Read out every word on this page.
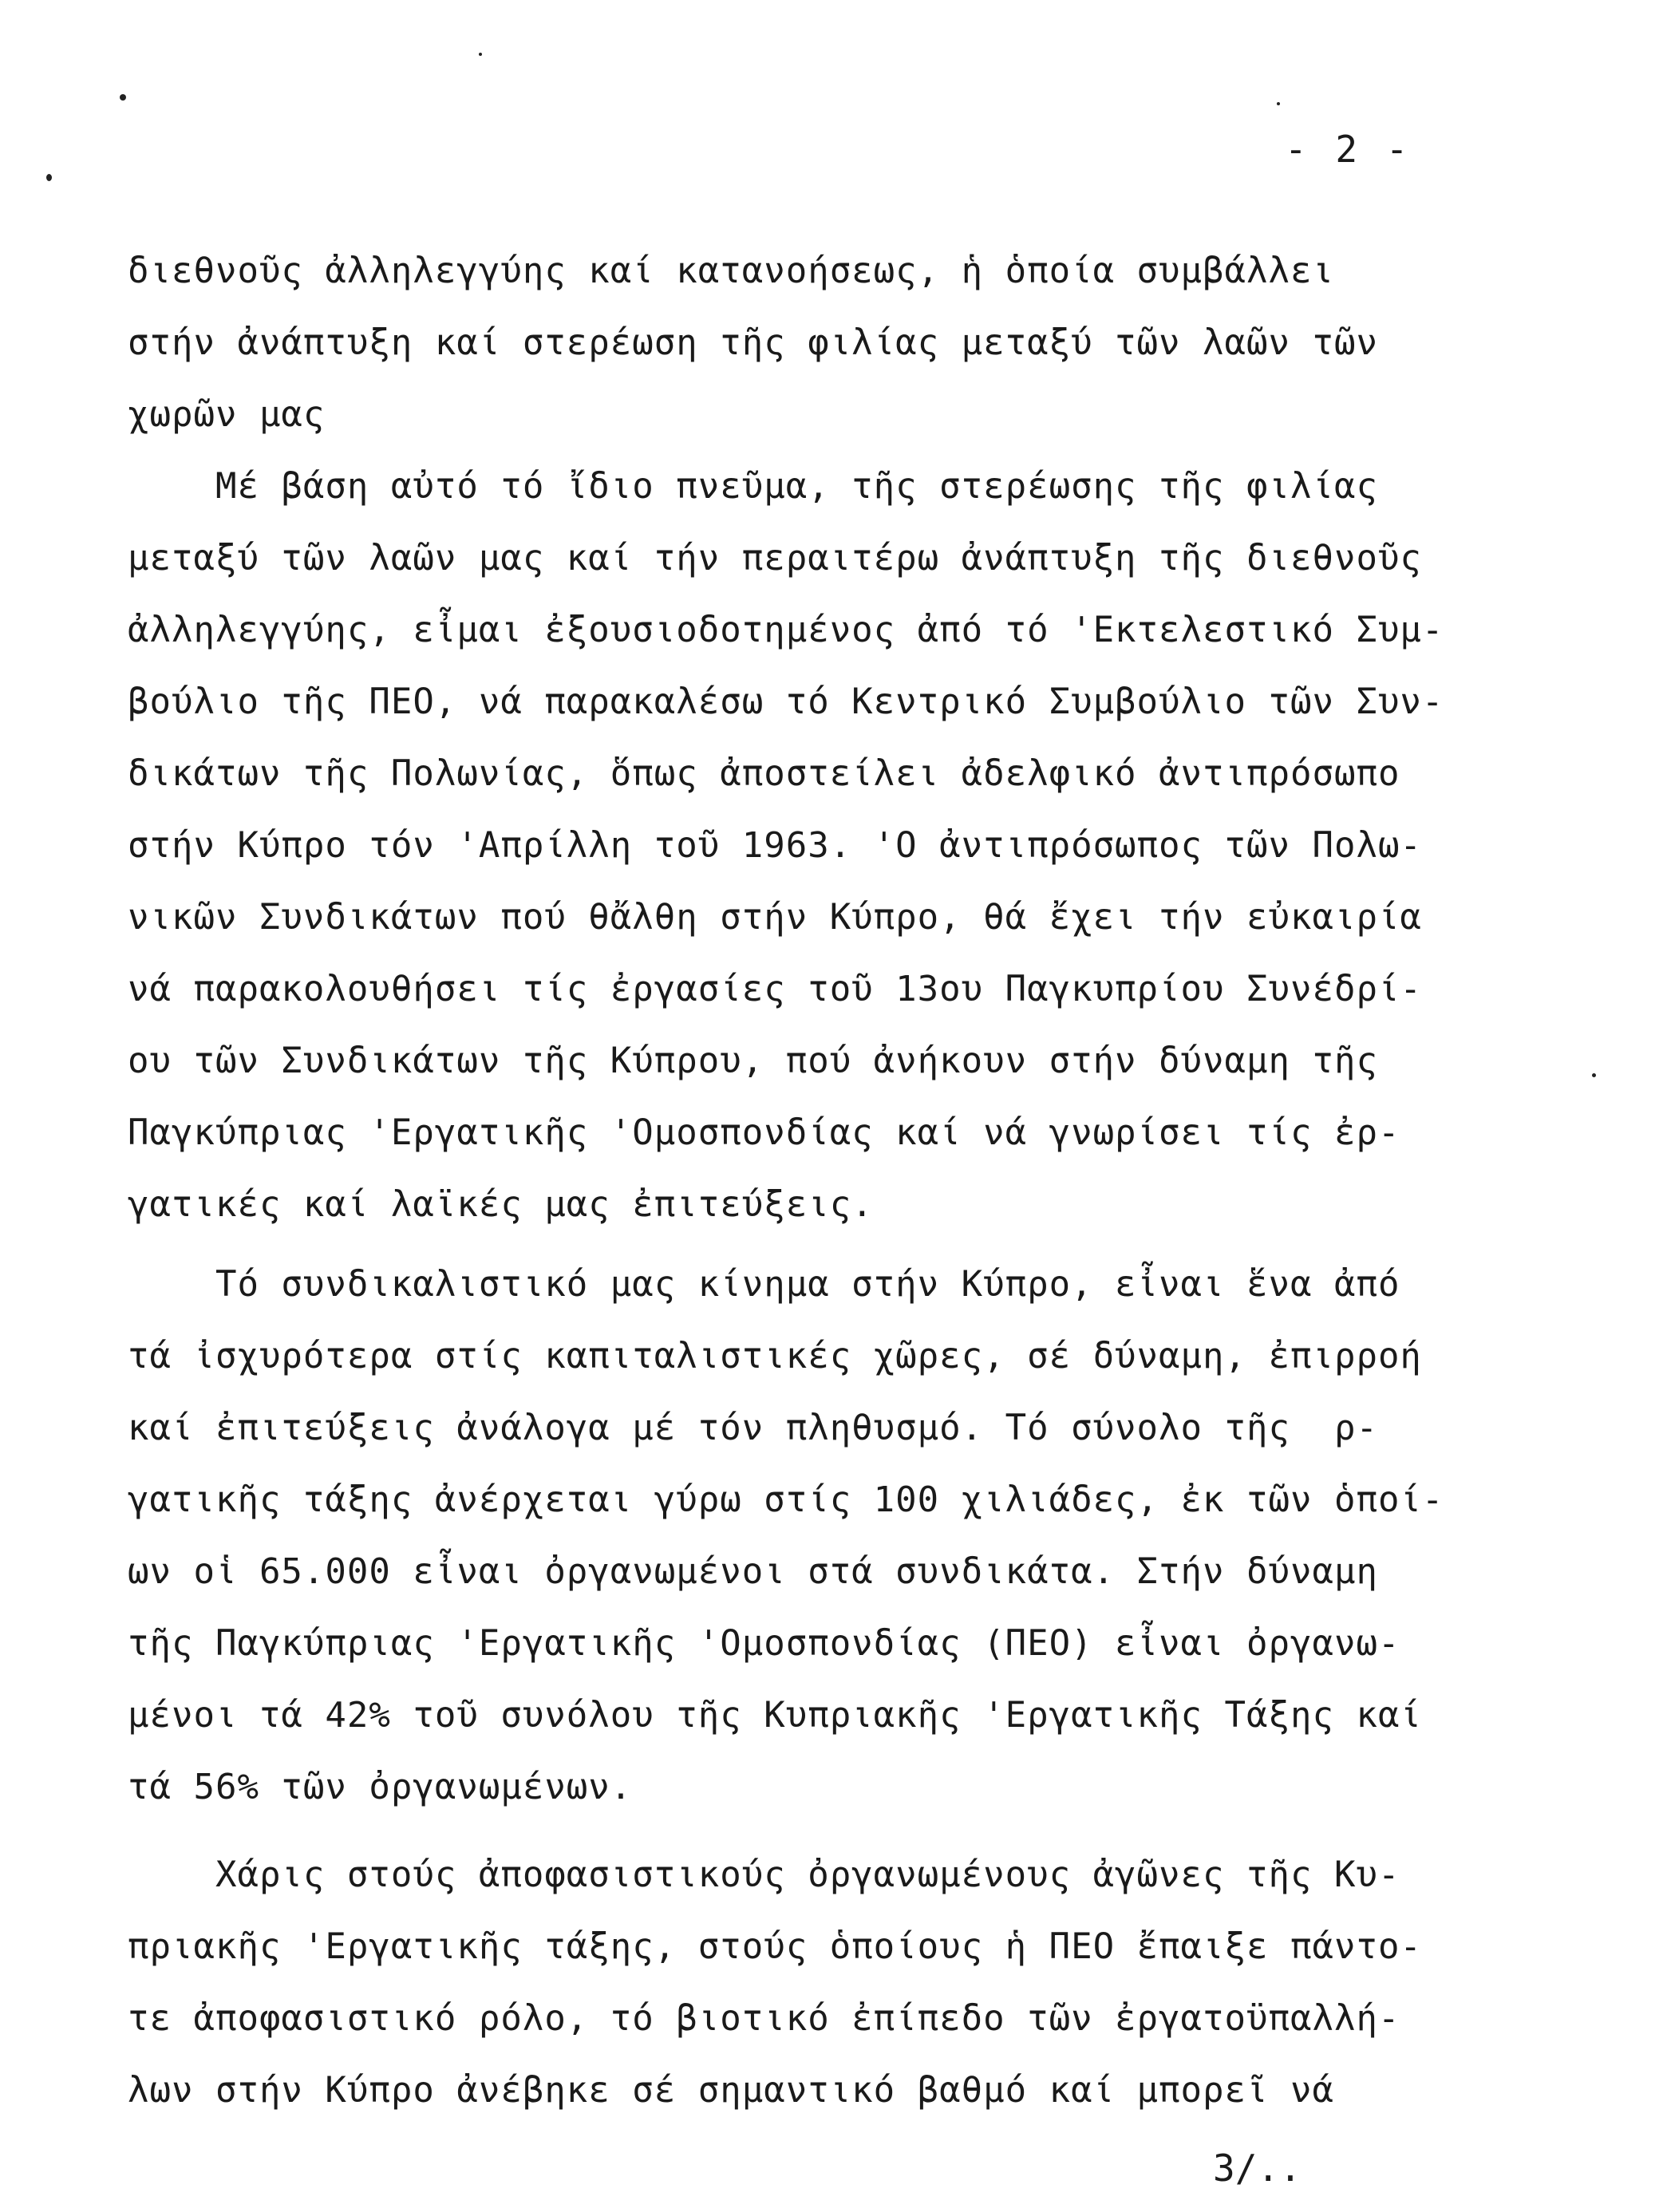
- 2 -
διεθνοῦς ἀλληλεγγύης καί κατανοήσεως, ἡ ὁποία συμβάλλει
στήν ἀνάπτυξη καί στερέωση τῆς φιλίας μεταξύ τῶν λαῶν τῶν
χωρῶν μας
Μέ βάση αὐτό τό ἴδιο πνεῦμα, τῆς στερέωσης τῆς φιλίας
μεταξύ τῶν λαῶν μας καί τήν περαιτέρω ἀνάπτυξη τῆς διεθνοῦς
ἀλληλεγγύης, εἶμαι ἐξουσιοδοτημένος ἀπό τό 'Εκτελεστικό Συμ-
βούλιο τῆς ΠΕΟ, νά παρακαλέσω τό Κεντρικό Συμβούλιο τῶν Συν-
δικάτων τῆς Πολωνίας, ὅπως ἀποστείλει ἀδελφικό ἀντιπρόσωπο
στήν Κύπρο τόν 'Απρίλλη τοῦ 1963. 'Ο ἀντιπρόσωπος τῶν Πολω-
νικῶν Συνδικάτων πού θἄλθη στήν Κύπρο, θά ἔχει τήν εὐκαιρία
νά παρακολουθήσει τίς ἐργασίες τοῦ 13ου Παγκυπρίου Συνέδρί-
ου τῶν Συνδικάτων τῆς Κύπρου, πού ἀνήκουν στήν δύναμη τῆς
Παγκύπριας 'Εργατικῆς 'Ομοσπονδίας καί νά γνωρίσει τίς ἐρ-
γατικές καί λαϊκές μας ἐπιτεύξεις.
Τό συνδικαλιστικό μας κίνημα στήν Κύπρο, εἶναι ἕνα ἀπό
τά ἰσχυρότερα στίς καπιταλιστικές χῶρες, σέ δύναμη, ἐπιρροή
καί ἐπιτεύξεις ἀνάλογα μέ τόν πληθυσμό. Τό σύνολο τῆς  ρ-
γατικῆς τάξης ἀνέρχεται γύρω στίς 100 χιλιάδες, ἐκ τῶν ὁποί-
ων οἱ 65.000 εἶναι ὀργανωμένοι στά συνδικάτα. Στήν δύναμη
τῆς Παγκύπριας 'Εργατικῆς 'Ομοσπονδίας (ΠΕΟ) εἶναι ὀργανω-
μένοι τά 42% τοῦ συνόλου τῆς Κυπριακῆς 'Εργατικῆς Τάξης καί
τά 56% τῶν ὀργανωμένων.
Χάρις στούς ἀποφασιστικούς ὀργανωμένους ἀγῶνες τῆς Κυ-
πριακῆς 'Εργατικῆς τάξης, στούς ὁποίους ἡ ΠΕΟ ἔπαιξε πάντο-
τε ἀποφασιστικό ρόλο, τό βιοτικό ἐπίπεδο τῶν ἐργατοϋπαλλή-
λων στήν Κύπρο ἀνέβηκε σέ σημαντικό βαθμό καί μπορεῖ νά
3/..
